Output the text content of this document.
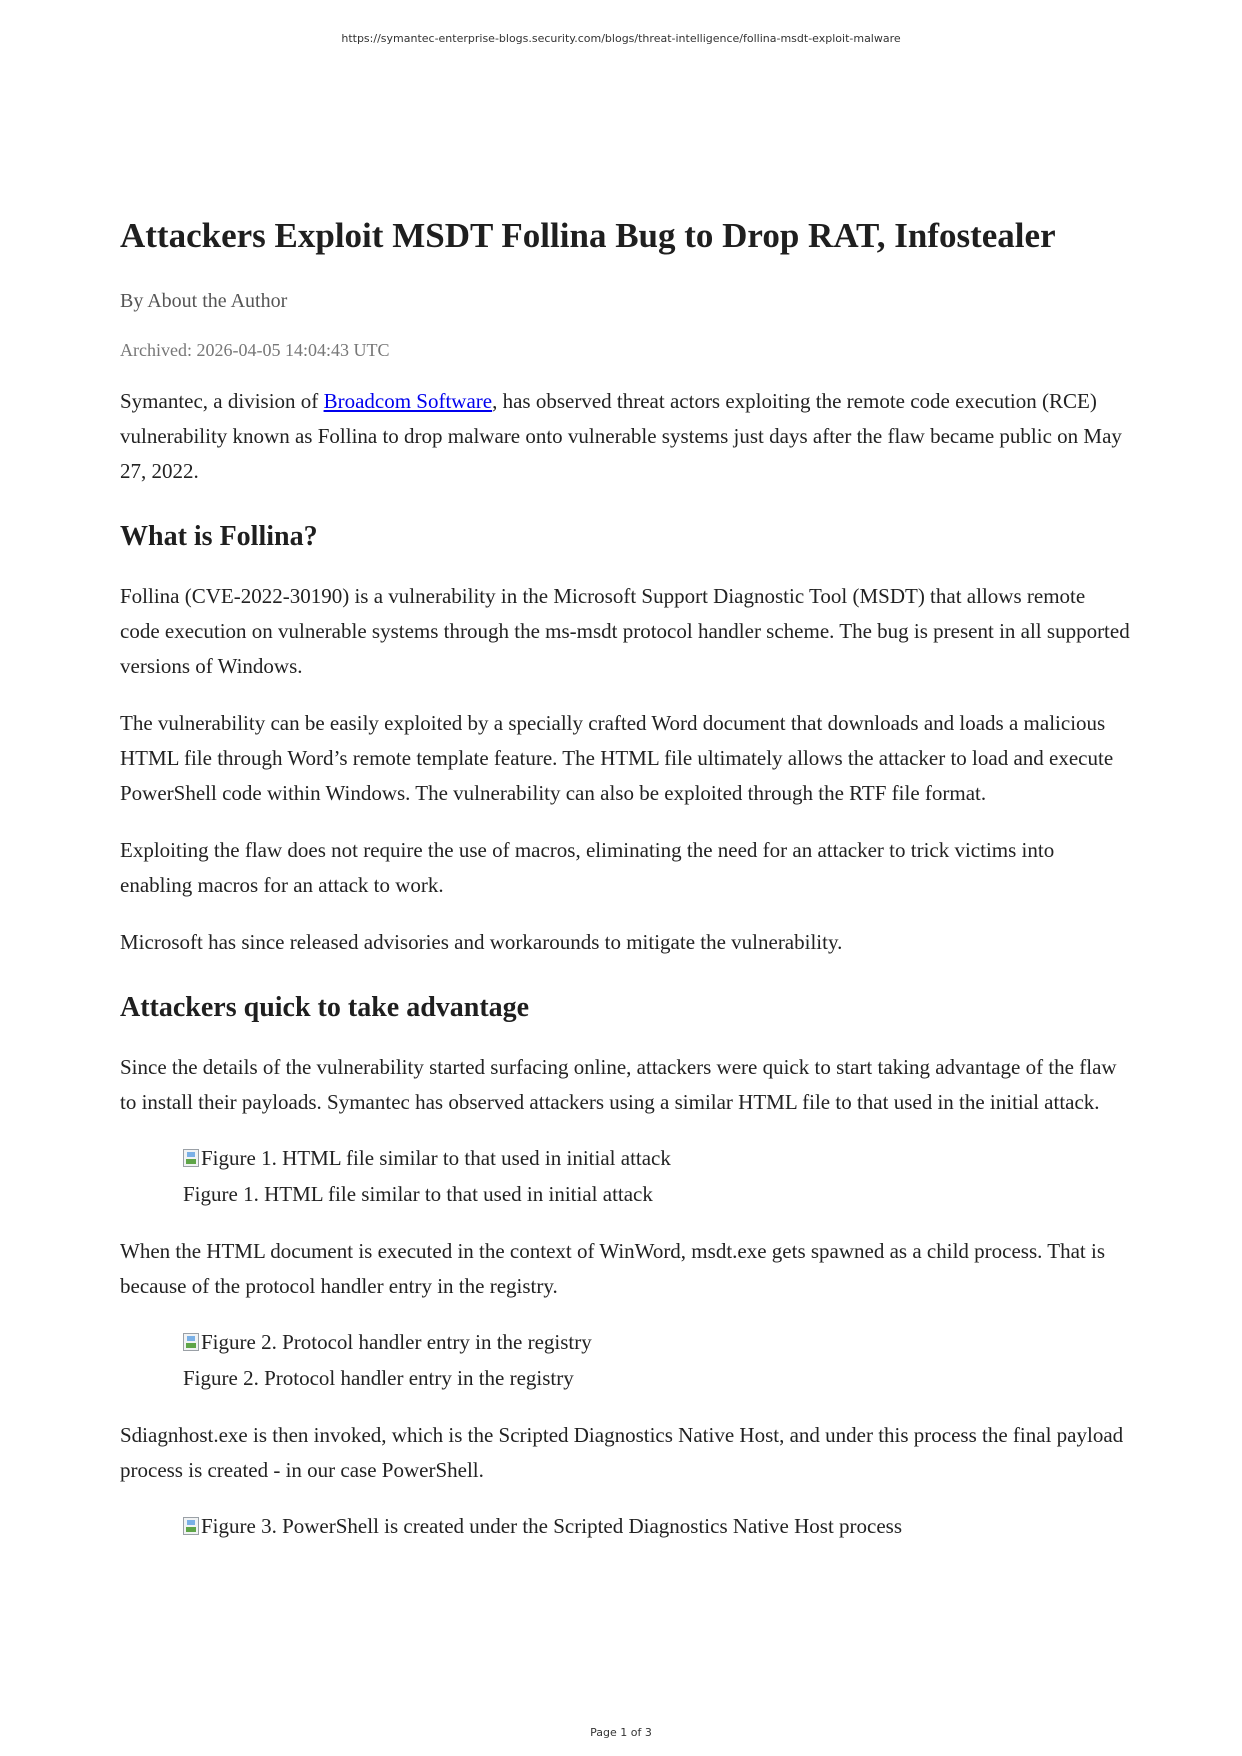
https://symantec-enterprise-blogs.security.com/blogs/threat-intelligence/follina-msdt-exploit-malware
Attackers Exploit MSDT Follina Bug to Drop RAT, Infostealer
By About the Author
Archived: 2026-04-05 14:04:43 UTC

Symantec, a division of Broadcom Software, has observed threat actors exploiting the remote code execution (RCE) vulnerability known as Follina to drop malware onto vulnerable systems just days after the flaw became public on May 27, 2022.

What is Follina?

Follina (CVE-2022-30190) is a vulnerability in the Microsoft Support Diagnostic Tool (MSDT) that allows remote code execution on vulnerable systems through the ms-msdt protocol handler scheme. The bug is present in all supported versions of Windows.

The vulnerability can be easily exploited by a specially crafted Word document that downloads and loads a malicious HTML file through Word’s remote template feature. The HTML file ultimately allows the attacker to load and execute PowerShell code within Windows. The vulnerability can also be exploited through the RTF file format.

Exploiting the flaw does not require the use of macros, eliminating the need for an attacker to trick victims into enabling macros for an attack to work.

Microsoft has since released advisories and workarounds to mitigate the vulnerability.

Attackers quick to take advantage

Since the details of the vulnerability started surfacing online, attackers were quick to start taking advantage of the flaw to install their payloads. Symantec has observed attackers using a similar HTML file to that used in the initial attack.

Figure 1. HTML file similar to that used in initial attack
Figure 1. HTML file similar to that used in initial attack

When the HTML document is executed in the context of WinWord, msdt.exe gets spawned as a child process. That is because of the protocol handler entry in the registry.

Figure 2. Protocol handler entry in the registry
Figure 2. Protocol handler entry in the registry

Sdiagnhost.exe is then invoked, which is the Scripted Diagnostics Native Host, and under this process the final payload process is created - in our case PowerShell.

Figure 3. PowerShell is created under the Scripted Diagnostics Native Host process
Page 1 of 3
